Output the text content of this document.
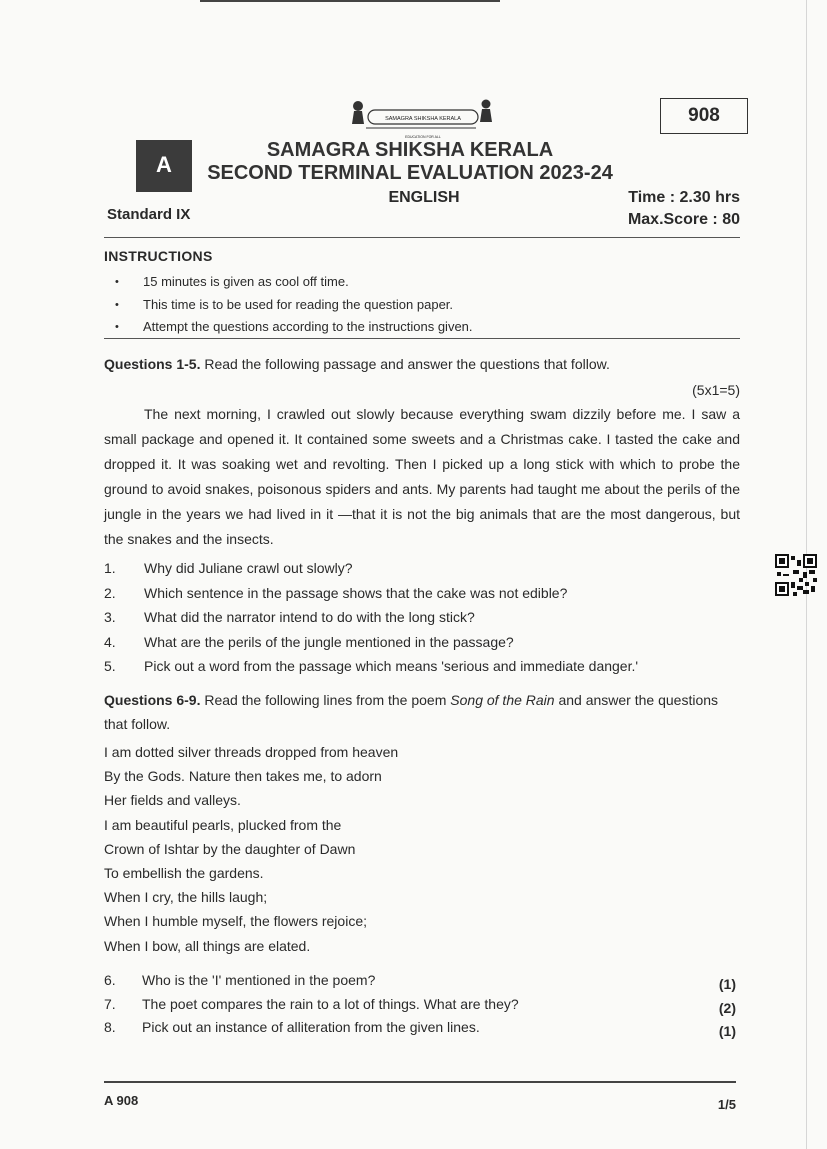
SAMAGRA SHIKSHA KERALA
EDUCATION FOR ALL
908
A
SAMAGRA SHIKSHA KERALA
SECOND TERMINAL EVALUATION 2023-24
ENGLISH	Time : 2.30 hrs
Max.Score : 80
Standard IX
INSTRUCTIONS
• 15 minutes is given as cool off time.
• This time is to be used for reading the question paper.
• Attempt the questions according to the instructions given.
Questions 1-5. Read the following passage and answer the questions that follow.
(5x1=5)

The next morning, I crawled out slowly because everything swam dizzily before me. I saw a small package and opened it. It contained some sweets and a Christmas cake. I tasted the cake and dropped it. It was soaking wet and revolting. Then I picked up a long stick with which to probe the ground to avoid snakes, poisonous spiders and ants. My parents had taught me about the perils of the jungle in the years we had lived in it —that it is not the big animals that are the most dangerous, but the snakes and the insects.

1. Why did Juliane crawl out slowly?
2. Which sentence in the passage shows that the cake was not edible?
3. What did the narrator intend to do with the long stick?
4. What are the perils of the jungle mentioned in the passage?
5. Pick out a word from the passage which means 'serious and immediate danger.'
Questions 6-9. Read the following lines from the poem Song of the Rain and answer the questions that follow.
I am dotted silver threads dropped from heaven
By the Gods. Nature then takes me, to adorn
Her fields and valleys.
I am beautiful pearls, plucked from the
Crown of Ishtar by the daughter of Dawn
To embellish the gardens.
When I cry, the hills laugh;
When I humble myself, the flowers rejoice;
When I bow, all things are elated.
6. Who is the 'I' mentioned in the poem?	(1)
7. The poet compares the rain to a lot of things. What are they?	(2)
8. Pick out an instance of alliteration from the given lines.	(1)
A 908	1/5
